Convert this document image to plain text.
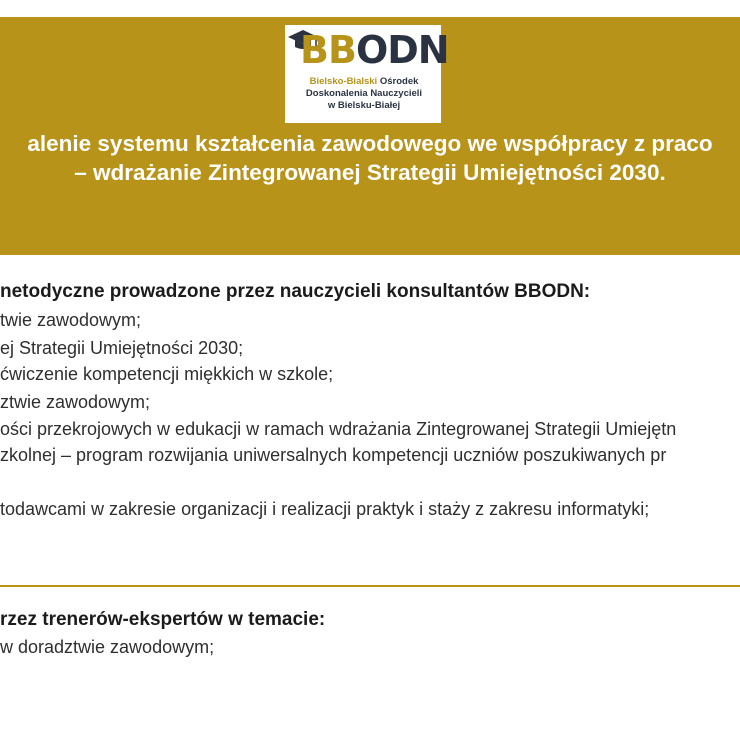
BBODN
Bielsko-Bialski Ośrodek
Doskonalenia Nauczycieli
w Bielsku-Białej
alenie systemu kształcenia zawodowego we współpracy z praco
– wdrażanie Zintegrowanej Strategii Umiejętności 2030.
netodyczne prowadzone przez nauczycieli konsultantów BBODN:
twie zawodowym;
ej Strategii Umiejętności 2030;
ćwiczenie kompetencji miękkich w szkole;
ztwie zawodowym;
ości przekrojowych w edukacji w ramach wdrażania Zintegrowanej Strategii Umiejętn
zkolnej – program rozwijania uniwersalnych kompetencji uczniów poszukiwanych pr
todawcami w zakresie organizacji i realizacji praktyk i staży z zakresu informatyki;
rzez trenerów-ekspertów w temacie:
w doradztwie zawodowym;
